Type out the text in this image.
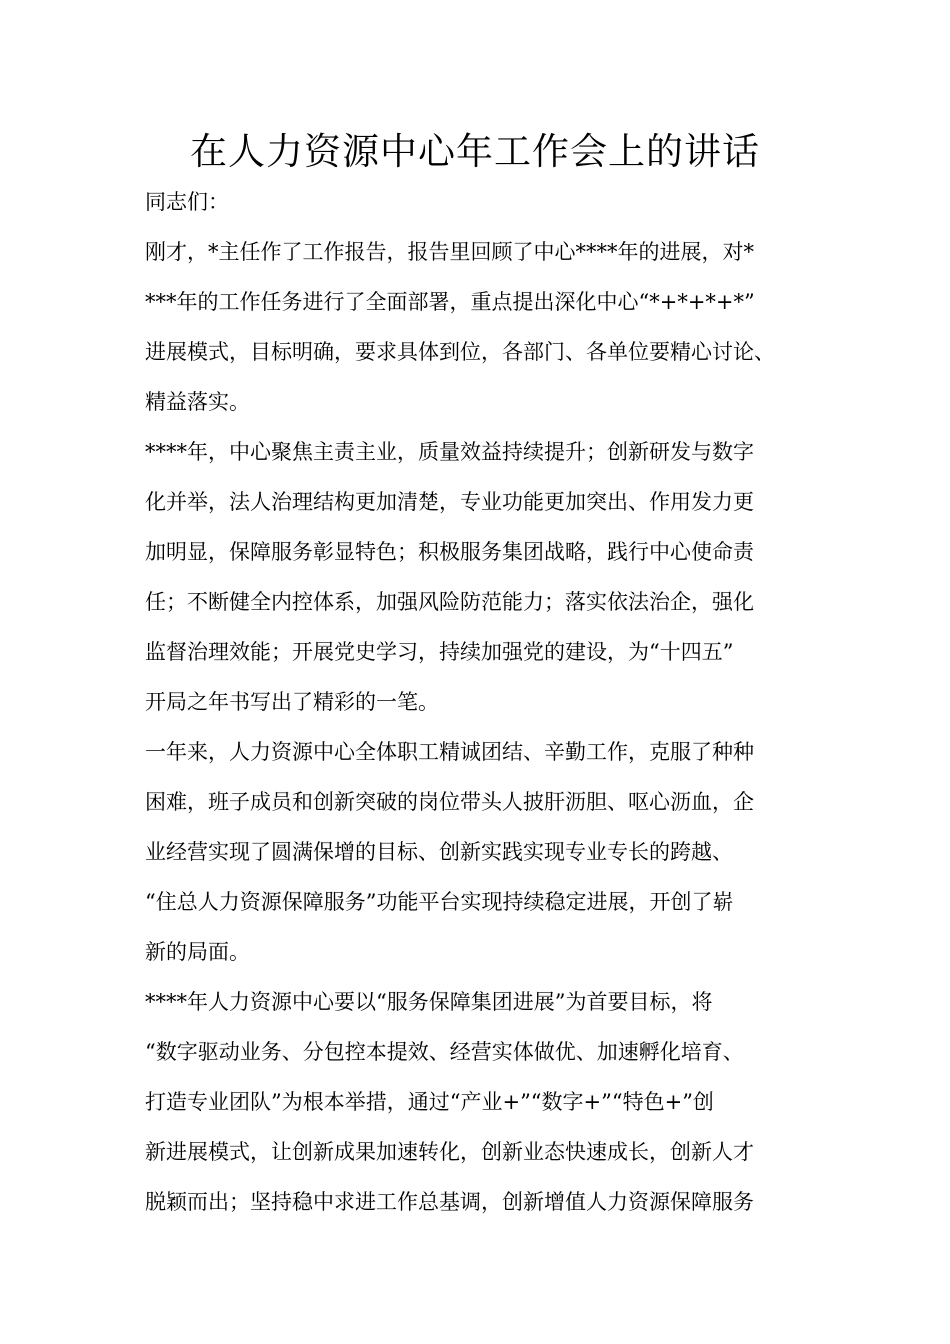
在人力资源中心年工作会上的讲话
同志们：
刚才，*主任作了工作报告，报告里回顾了中心****年的进展，对*
***年的工作任务进行了全面部署，重点提出深化中心“*+*+*+*”
进展模式，目标明确，要求具体到位，各部门、各单位要精心讨论、
精益落实。
****年，中心聚焦主责主业，质量效益持续提升；创新研发与数字
化并举，法人治理结构更加清楚，专业功能更加突出、作用发力更
加明显，保障服务彰显特色；积极服务集团战略，践行中心使命责
任；不断健全内控体系，加强风险防范能力；落实依法治企，强化
监督治理效能；开展党史学习，持续加强党的建设，为“十四五”
开局之年书写出了精彩的一笔。
一年来，人力资源中心全体职工精诚团结、辛勤工作，克服了种种
困难，班子成员和创新突破的岗位带头人披肝沥胆、呕心沥血，企
业经营实现了圆满保增的目标、创新实践实现专业专长的跨越、
“住总人力资源保障服务”功能平台实现持续稳定进展，开创了崭
新的局面。
****年人力资源中心要以“服务保障集团进展”为首要目标，将
“数字驱动业务、分包控本提效、经营实体做优、加速孵化培育、
打造专业团队”为根本举措，通过“产业+”“数字+”“特色+”创
新进展模式，让创新成果加速转化，创新业态快速成长，创新人才
脱颖而出；坚持稳中求进工作总基调，创新增值人力资源保障服务
